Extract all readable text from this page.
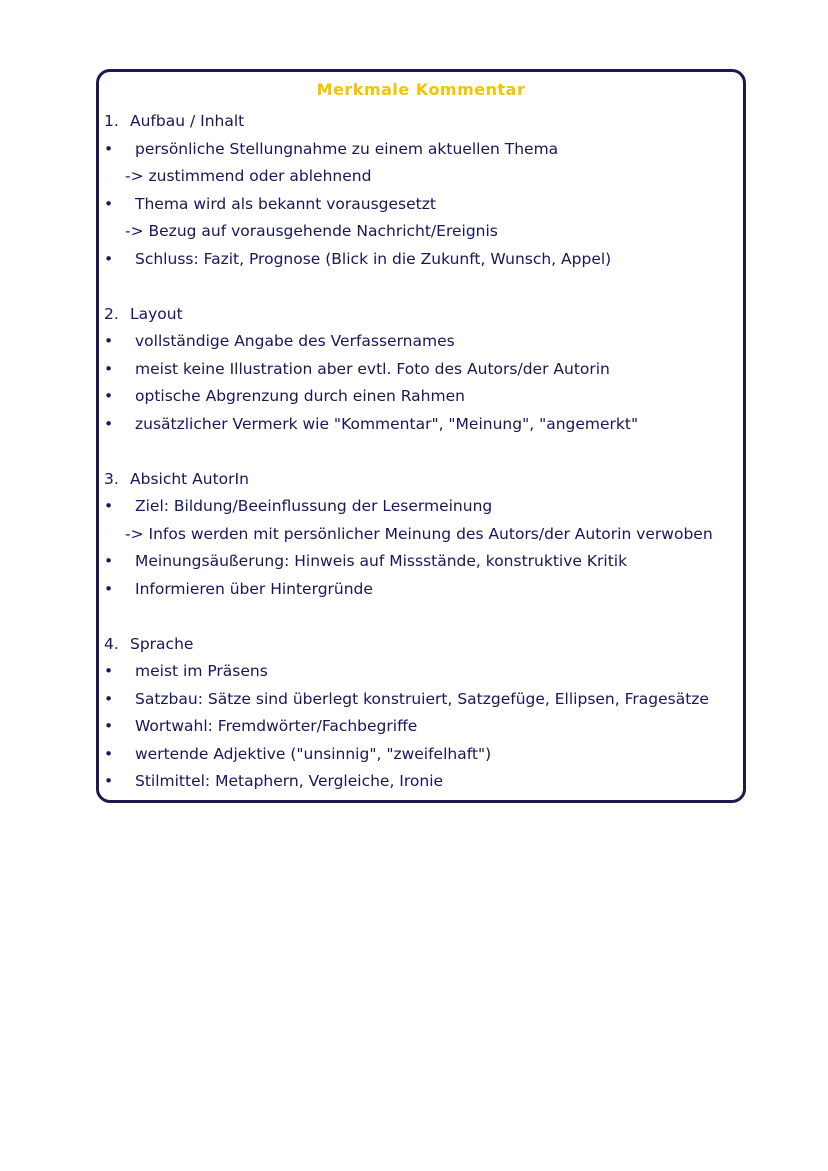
Merkmale Kommentar
1. Aufbau / Inhalt
• persönliche Stellungnahme zu einem aktuellen Thema
-> zustimmend oder ablehnend
• Thema wird als bekannt vorausgesetzt
-> Bezug auf vorausgehende Nachricht/Ereignis
• Schluss: Fazit, Prognose (Blick in die Zukunft, Wunsch, Appel)
2. Layout
• vollständige Angabe des Verfassernames
• meist keine Illustration aber evtl. Foto des Autors/der Autorin
• optische Abgrenzung durch einen Rahmen
• zusätzlicher Vermerk wie "Kommentar", "Meinung", "angemerkt"
3. Absicht AutorIn
• Ziel: Bildung/Beeinflussung der Lesermeinung
-> Infos werden mit persönlicher Meinung des Autors/der Autorin verwoben
• Meinungsäußerung: Hinweis auf Missstände, konstruktive Kritik
• Informieren über Hintergründe
4. Sprache
• meist im Präsens
• Satzbau: Sätze sind überlegt konstruiert, Satzgefüge, Ellipsen, Fragesätze
• Wortwahl: Fremdwörter/Fachbegriffe
• wertende Adjektive ("unsinnig", "zweifelhaft")
• Stilmittel: Metaphern, Vergleiche, Ironie
